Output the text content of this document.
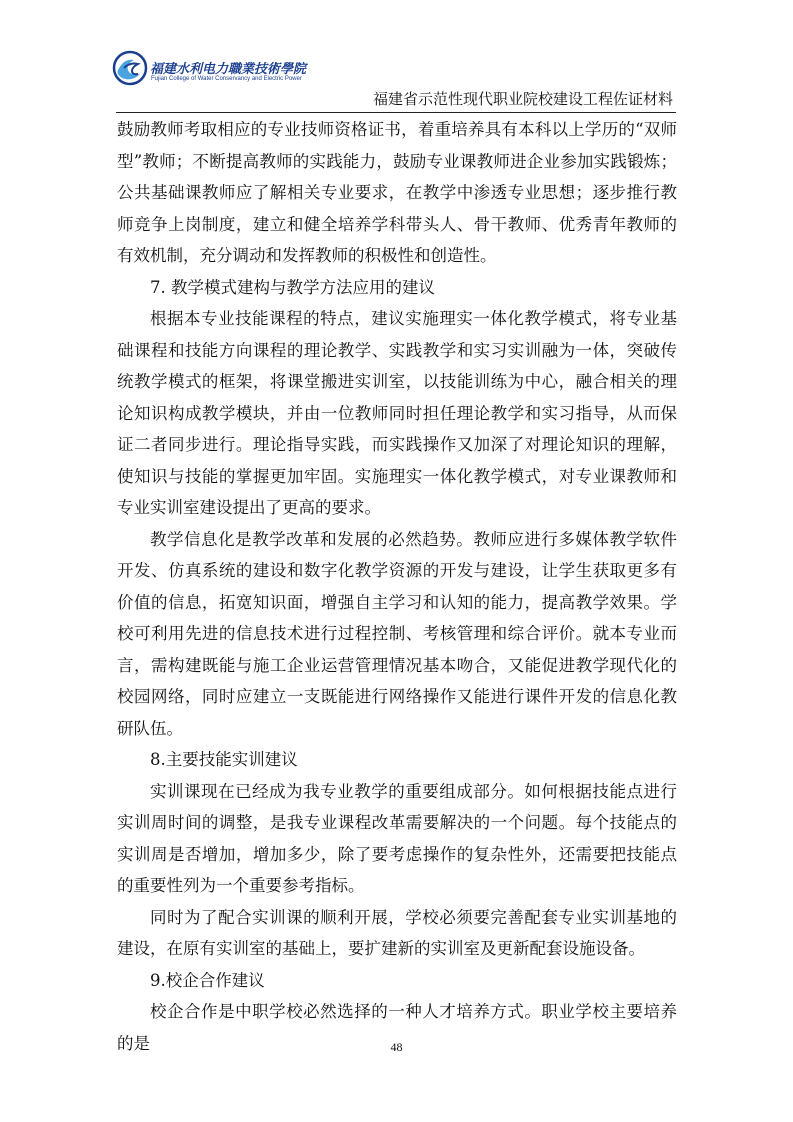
福建水利电力職業技術學院
Fujian College of Water Conservancy and Electric Power
福建省示范性现代职业院校建设工程佐证材料

鼓励教师考取相应的专业技师资格证书，着重培养具有本科以上学历的“双师型”教师；不断提高教师的实践能力，鼓励专业课教师进企业参加实践锻炼；公共基础课教师应了解相关专业要求，在教学中渗透专业思想；逐步推行教师竞争上岗制度，建立和健全培养学科带头人、骨干教师、优秀青年教师的有效机制，充分调动和发挥教师的积极性和创造性。

7. 教学模式建构与教学方法应用的建议

根据本专业技能课程的特点，建议实施理实一体化教学模式，将专业基础课程和技能方向课程的理论教学、实践教学和实习实训融为一体，突破传统教学模式的框架，将课堂搬进实训室，以技能训练为中心，融合相关的理论知识构成教学模块，并由一位教师同时担任理论教学和实习指导，从而保证二者同步进行。理论指导实践，而实践操作又加深了对理论知识的理解，使知识与技能的掌握更加牢固。实施理实一体化教学模式，对专业课教师和专业实训室建设提出了更高的要求。

教学信息化是教学改革和发展的必然趋势。教师应进行多媒体教学软件开发、仿真系统的建设和数字化教学资源的开发与建设，让学生获取更多有价值的信息，拓宽知识面，增强自主学习和认知的能力，提高教学效果。学校可利用先进的信息技术进行过程控制、考核管理和综合评价。就本专业而言，需构建既能与施工企业运营管理情况基本吻合，又能促进教学现代化的校园网络，同时应建立一支既能进行网络操作又能进行课件开发的信息化教研队伍。

8.主要技能实训建议

实训课现在已经成为我专业教学的重要组成部分。如何根据技能点进行实训周时间的调整，是我专业课程改革需要解决的一个问题。每个技能点的实训周是否增加，增加多少，除了要考虑操作的复杂性外，还需要把技能点的重要性列为一个重要参考指标。

同时为了配合实训课的顺利开展，学校必须要完善配套专业实训基地的建设，在原有实训室的基础上，要扩建新的实训室及更新配套设施设备。

9.校企合作建议

校企合作是中职学校必然选择的一种人才培养方式。职业学校主要培养的是	48
